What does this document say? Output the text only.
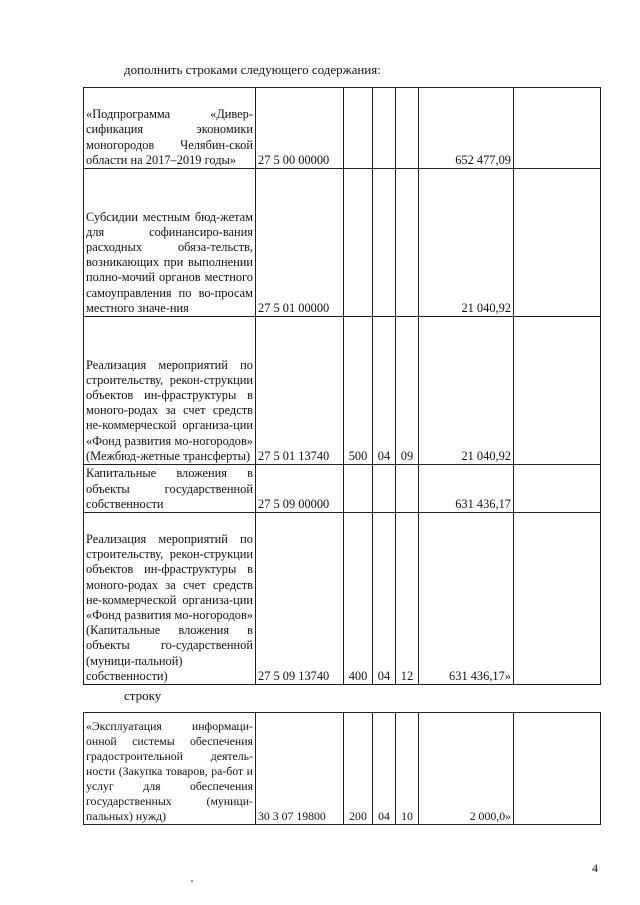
дополнить строками следующего содержания:
«Подпрограмма «Дивер-сификация экономики моногородов Челябин-ской области на 2017–2019 годы»	27 5 00 00000				652 477,09	

Субсидии местным бюд-жетам для софинансиро-вания расходных обяза-тельств, возникающих при выполнении полно-мочий органов местного самоуправления по во-просам местного значе-ния	27 5 01 00000				21 040,92	

Реализация мероприятий по строительству, рекон-струкции объектов ин-фраструктуры в моного-родах за счет средств не-коммерческой организа-ции «Фонд развития мо-ногородов» (Межбюд-жетные трансферты)	27 5 01 13740	500	04	09	21 040,92	

Капитальные вложения в объекты государственной собственности	27 5 09 00000				631 436,17	

Реализация мероприятий по строительству, рекон-струкции объектов ин-фраструктуры в моного-родах за счет средств не-коммерческой организа-ции «Фонд развития мо-ногородов» (Капитальные вложения в объекты го-сударственной (муници-пальной) собственности)	27 5 09 13740	400	04	12	631 436,17»	
строку
«Эксплуатация информаци-онной системы обеспечения градостроительной деятель-ности (Закупка товаров, ра-бот и услуг для обеспечения государственных (муници-пальных) нужд)	30 3 07 19800	200	04	10	2 000,0»	
4
